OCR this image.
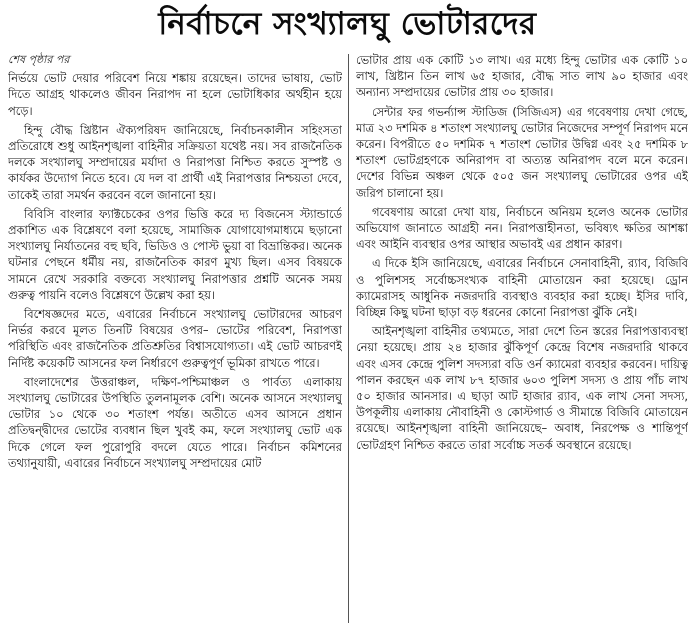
নির্বাচনে সংখ্যালঘু ভোটারদের
শেষ পৃষ্ঠার পর

নির্ভয়ে ভোট দেয়ার পরিবেশ নিয়ে শঙ্কায় রয়েছেন। তাদের ভাষায়, ভোট দিতে আগ্রহ থাকলেও জীবন নিরাপদ না হলে ভোটাধিকার অর্থহীন হয়ে পড়ে।

হিন্দু বৌদ্ধ খ্রিষ্টান ঐক্যপরিষদ জানিয়েছে, নির্বাচনকালীন সহিংসতা প্রতিরোধে শুধু আইনশৃঙ্খলা বাহিনীর সক্রিয়তা যথেষ্ট নয়। সব রাজনৈতিক দলকে সংখ্যালঘু সম্প্রদায়ের মর্যাদা ও নিরাপত্তা নিশ্চিত করতে সুস্পষ্ট ও কার্যকর উদ্যোগ নিতে হবে। যে দল বা প্রার্থী এই নিরাপত্তার নিশ্চয়তা দেবে, তাকেই তারা সমর্থন করবেন বলে জানানো হয়।

বিবিসি বাংলার ফ্যাক্টচেকের ওপর ভিত্তি করে দ্য বিজনেস স্ট্যান্ডার্ডে প্রকাশিত এক বিশ্লেষণে বলা হয়েছে, সামাজিক যোগাযোগমাধ্যমে ছড়ানো সংখ্যালঘু নির্যাতনের বহু ছবি, ভিডিও ও পোস্ট ভুয়া বা বিভ্রান্তিকর। অনেক ঘটনার পেছনে ধর্মীয় নয়, রাজনৈতিক কারণ মুখ্য ছিল। এসব বিষয়কে সামনে রেখে সরকারি বক্তব্যে সংখ্যালঘু নিরাপত্তার প্রশ্নটি অনেক সময় গুরুত্ব পায়নি বলেও বিশ্লেষণে উল্লেখ করা হয়।

বিশেষজ্ঞদের মতে, এবারের নির্বাচনে সংখ্যালঘু ভোটারদের আচরণ নির্ভর করবে মূলত তিনটি বিষয়ের ওপর– ভোটের পরিবেশ, নিরাপত্তা পরিস্থিতি এবং রাজনৈতিক প্রতিশ্রুতির বিশ্বাসযোগ্যতা। এই ভোট আচরণই নির্দিষ্ট কয়েকটি আসনের ফল নির্ধারণে গুরুত্বপূর্ণ ভূমিকা রাখতে পারে।

বাংলাদেশের উত্তরাঞ্চল, দক্ষিণ-পশ্চিমাঞ্চল ও পার্বত্য এলাকায় সংখ্যালঘু ভোটারের উপস্থিতি তুলনামূলক বেশি। অনেক আসনে সংখ্যালঘু ভোটার ১০ থেকে ৩০ শতাংশ পর্যন্ত। অতীতে এসব আসনে প্রধান প্রতিদ্বন্দ্বীদের ভোটের ব্যবধান ছিল খুবই কম, ফলে সংখ্যালঘু ভোট এক দিকে গেলে ফল পুরোপুরি বদলে যেতে পারে। নির্বাচন কমিশনের তথ্যানুযায়ী, এবারের নির্বাচনে সংখ্যালঘু সম্প্রদায়ের মোট

ভোটার প্রায় এক কোটি ১৩ লাখ। এর মধ্যে হিন্দু ভোটার এক কোটি ১০ লাখ, খ্রিষ্টান তিন লাখ ৬৫ হাজার, বৌদ্ধ সাত লাখ ৯০ হাজার এবং অন্যান্য সম্প্রদায়ের ভোটার প্রায় ৩০ হাজার।

সেন্টার ফর গভর্ন্যান্স স্টাডিজ (সিজিএস) এর গবেষণায় দেখা গেছে, মাত্র ২৩ দশমিক ৪ শতাংশ সংখ্যালঘু ভোটার নিজেদের সম্পূর্ণ নিরাপদ মনে করেন। বিপরীতে ৫০ দশমিক ৭ শতাংশ ভোটার উদ্বিগ্ন এবং ২৫ দশমিক ৮ শতাংশ ভোটগ্রহণকে অনিরাপদ বা অত্যন্ত অনিরাপদ বলে মনে করেন। দেশের বিভিন্ন অঞ্চল থেকে ৫০৫ জন সংখ্যালঘু ভোটারের ওপর এই জরিপ চালানো হয়।

গবেষণায় আরো দেখা যায়, নির্বাচনে অনিয়ম হলেও অনেক ভোটার অভিযোগ জানাতে আগ্রহী নন। নিরাপত্তাহীনতা, ভবিষ্যৎ ক্ষতির আশঙ্কা এবং আইনি ব্যবস্থার ওপর আস্থার অভাবই এর প্রধান কারণ।

এ দিকে ইসি জানিয়েছে, এবারের নির্বাচনে সেনাবাহিনী, র‍্যাব, বিজিবি ও পুলিশসহ সর্বোচ্চসংখ্যক বাহিনী মোতায়েন করা হয়েছে। ড্রোন ক্যামেরাসহ আধুনিক নজরদারি ব্যবস্থাও ব্যবহার করা হচ্ছে। ইসির দাবি, বিচ্ছিন্ন কিছু ঘটনা ছাড়া বড় ধরনের কোনো নিরাপত্তা ঝুঁকি নেই।

আইনশৃঙ্খলা বাহিনীর তথ্যমতে, সারা দেশে তিন স্তরের নিরাপত্তাব্যবস্থা নেয়া হয়েছে। প্রায় ২৪ হাজার ঝুঁকিপূর্ণ কেন্দ্রে বিশেষ নজরদারি থাকবে এবং এসব কেন্দ্রে পুলিশ সদস্যরা বডি ওর্ন ক্যামেরা ব্যবহার করবেন। দায়িত্ব পালন করছেন এক লাখ ৮৭ হাজার ৬০৩ পুলিশ সদস্য ও প্রায় পাঁচ লাখ ৫০ হাজার আনসার। এ ছাড়া আট হাজার র‍্যাব, এক লাখ সেনা সদস্য, উপকূলীয় এলাকায় নৌবাহিনী ও কোস্টগার্ড ও সীমান্তে বিজিবি মোতায়েন রয়েছে। আইনশৃঙ্খলা বাহিনী জানিয়েছে– অবাধ, নিরপেক্ষ ও শান্তিপূর্ণ ভোটগ্রহণ নিশ্চিত করতে তারা সর্বোচ্চ সতর্ক অবস্থানে রয়েছে।
